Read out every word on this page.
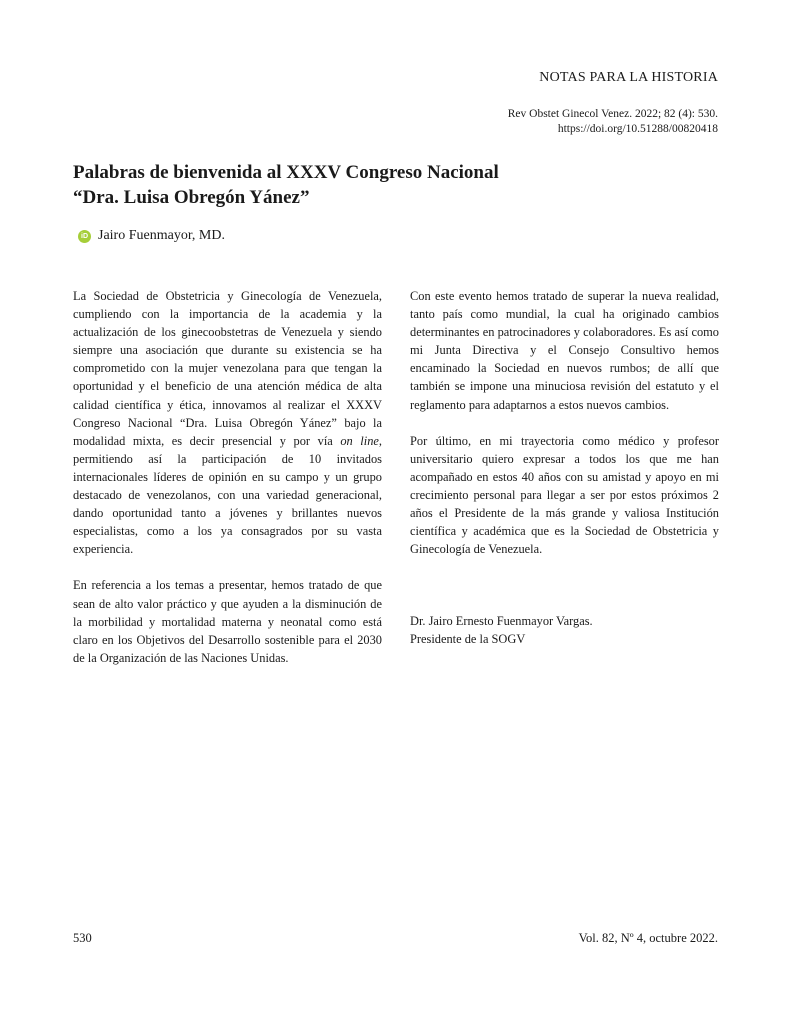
NOTAS PARA LA HISTORIA
Rev Obstet Ginecol Venez. 2022; 82 (4): 530.
https://doi.org/10.51288/00820418
Palabras de bienvenida al XXXV Congreso Nacional
“Dra. Luisa Obregón Yánez”
iD Jairo Fuenmayor, MD.

La Sociedad de Obstetricia y Ginecología de Venezuela, cumpliendo con la importancia de la academia y la actualización de los ginecoobstetras de Venezuela y siendo siempre una asociación que durante su existencia se ha comprometido con la mujer venezolana para que tengan la oportunidad y el beneficio de una atención médica de alta calidad científica y ética, innovamos al realizar el XXXV Congreso Nacional “Dra. Luisa Obregón Yánez” bajo la modalidad mixta, es decir presencial y por vía on line, permitiendo así la participación de 10 invitados internacionales líderes de opinión en su campo y un grupo destacado de venezolanos, con una variedad generacional, dando oportunidad tanto a jóvenes y brillantes nuevos especialistas, como a los ya consagrados por su vasta experiencia.

En referencia a los temas a presentar, hemos tratado de que sean de alto valor práctico y que ayuden a la disminución de la morbilidad y mortalidad materna y neonatal como está claro en los Objetivos del Desarrollo sostenible para el 2030 de la Organización de las Naciones Unidas.

Con este evento hemos tratado de superar la nueva realidad, tanto país como mundial, la cual ha originado cambios determinantes en patrocinadores y colaboradores. Es así como mi Junta Directiva y el Consejo Consultivo hemos encaminado la Sociedad en nuevos rumbos; de allí que también se impone una minuciosa revisión del estatuto y el reglamento para adaptarnos a estos nuevos cambios.

Por último, en mi trayectoria como médico y profesor universitario quiero expresar a todos los que me han acompañado en estos 40 años con su amistad y apoyo en mi crecimiento personal para llegar a ser por estos próximos 2 años el Presidente de la más grande y valiosa Institución científica y académica que es la Sociedad de Obstetricia y Ginecología de Venezuela.

Dr. Jairo Ernesto Fuenmayor Vargas.
Presidente de la SOGV

530	Vol. 82, Nº 4, octubre 2022.
